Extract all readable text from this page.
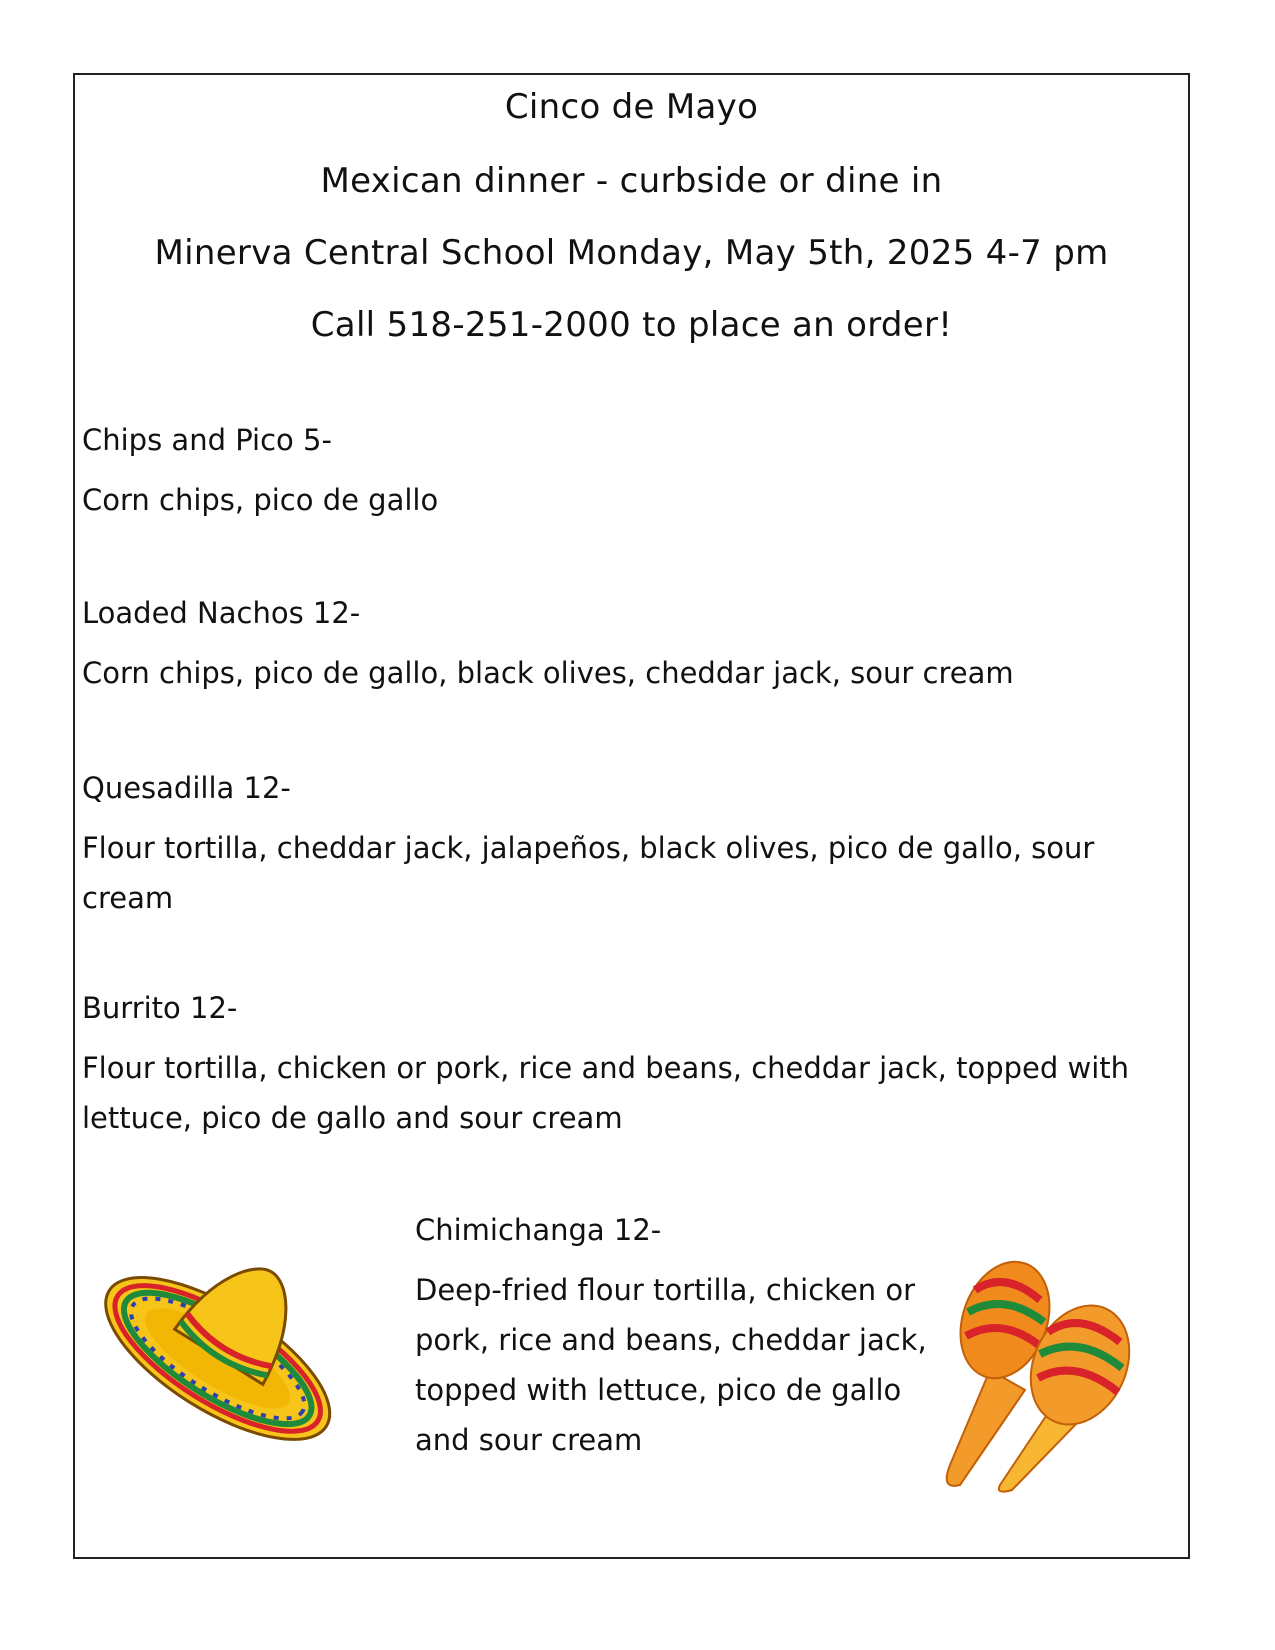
Cinco de Mayo
Mexican dinner - curbside or dine in
Minerva Central School Monday, May 5th, 2025 4-7 pm
Call 518-251-2000 to place an order!
Chips and Pico 5-
Corn chips, pico de gallo
Loaded Nachos 12-
Corn chips, pico de gallo, black olives, cheddar jack, sour cream
Quesadilla 12-
Flour tortilla, cheddar jack, jalapeños, black olives, pico de gallo, sour cream
Burrito 12-
Flour tortilla, chicken or pork, rice and beans, cheddar jack, topped with lettuce, pico de gallo and sour cream
Chimichanga 12-
Deep-fried flour tortilla, chicken or pork, rice and beans, cheddar jack, topped with lettuce, pico de gallo and sour cream
